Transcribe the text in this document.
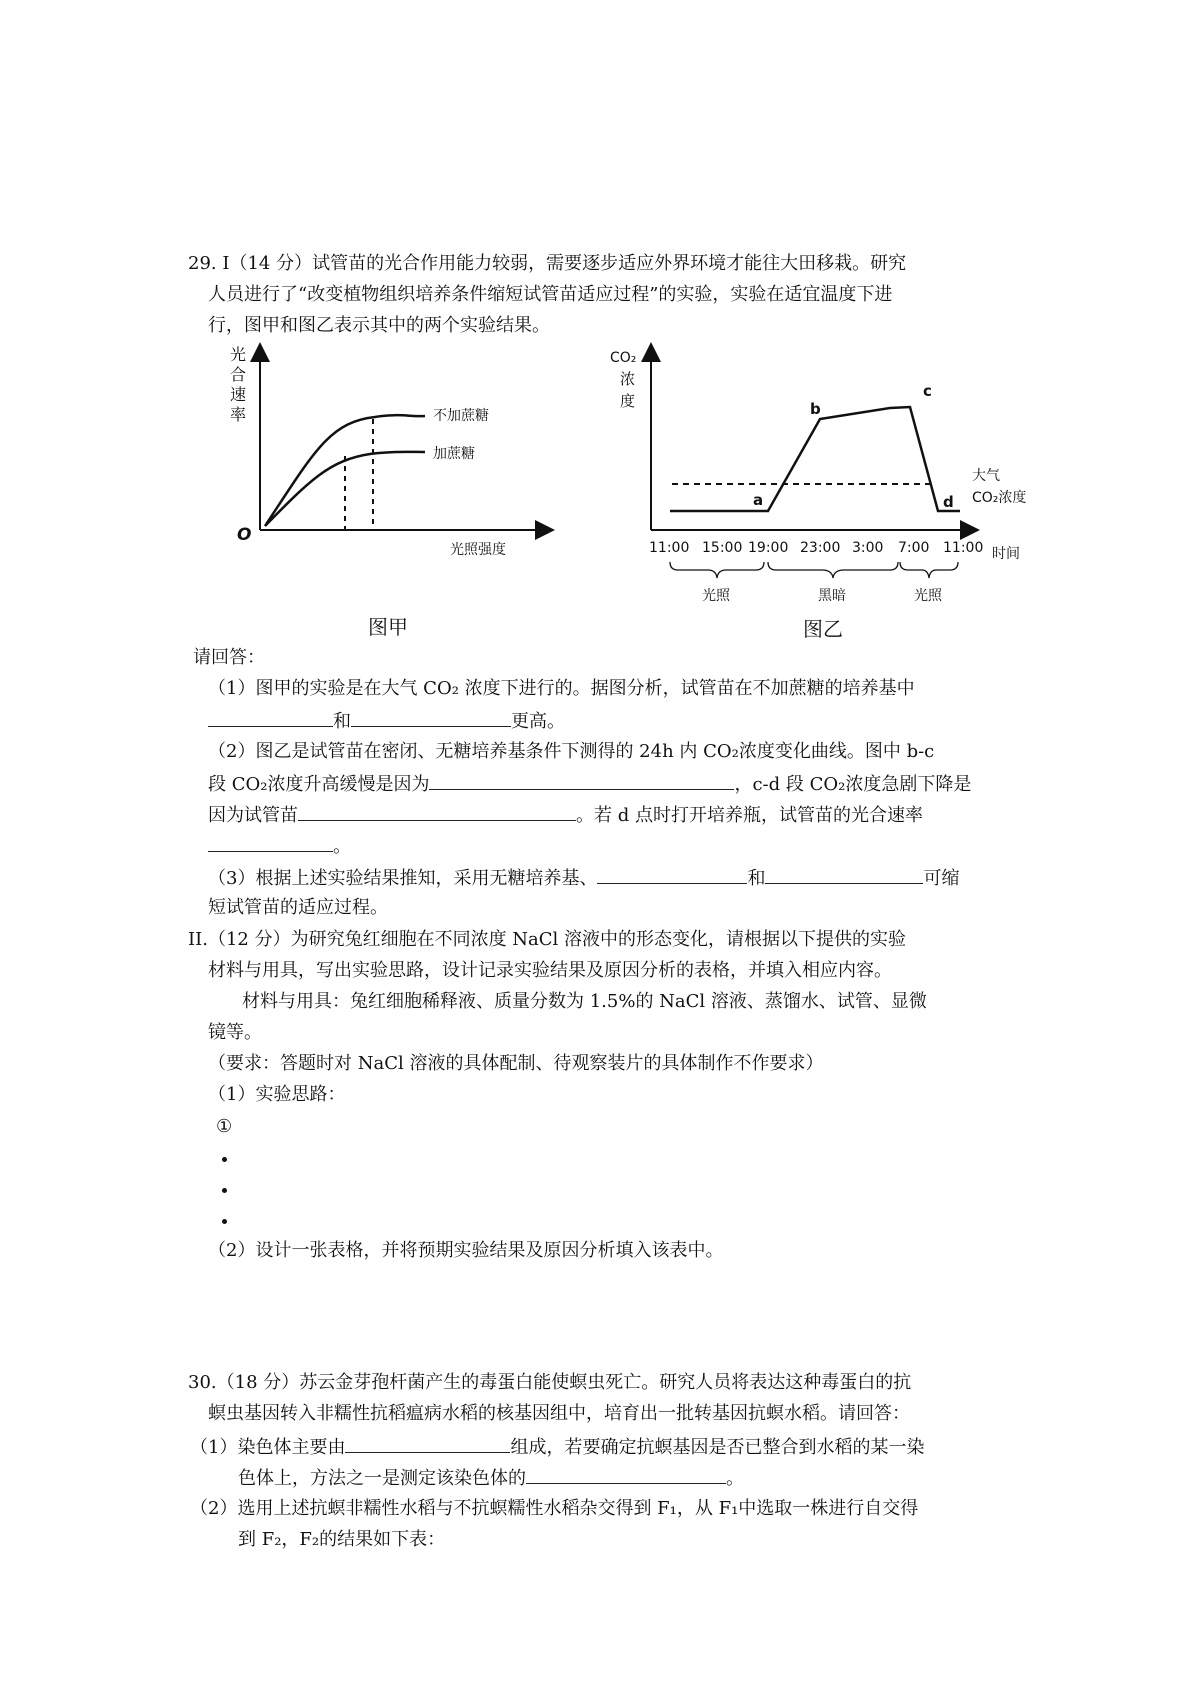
29. I（14 分）试管苗的光合作用能力较弱，需要逐步适应外界环境才能往大田移栽。研究
人员进行了“改变植物组织培养条件缩短试管苗适应过程”的实验，实验在适宜温度下进
行，图甲和图乙表示其中的两个实验结果。
光
合
速
率
O
光照强度
不加蔗糖
加蔗糖
图甲
a
b
c
d
CO₂
浓
度
大气
CO₂浓度
11:00 15:00 19:00 23:00 3:00 7:00 11:00 时间
光照	黑暗	光照
图乙
请回答：
（1）图甲的实验是在大气 CO₂ 浓度下进行的。据图分析，试管苗在不加蔗糖的培养基中
和	更高。
（2）图乙是试管苗在密闭、无糖培养基条件下测得的 24h 内 CO₂浓度变化曲线。图中 b-c
段 CO₂浓度升高缓慢是因为	，c-d 段 CO₂浓度急剧下降是
因为试管苗	。若 d 点时打开培养瓶，试管苗的光合速率
。
（3）根据上述实验结果推知，采用无糖培养基、	和	可缩
短试管苗的适应过程。
II.（12 分）为研究兔红细胞在不同浓度 NaCl 溶液中的形态变化，请根据以下提供的实验
材料与用具，写出实验思路，设计记录实验结果及原因分析的表格，并填入相应内容。
材料与用具：兔红细胞稀释液、质量分数为 1.5%的 NaCl 溶液、蒸馏水、试管、显微
镜等。
（要求：答题时对 NaCl 溶液的具体配制、待观察装片的具体制作不作要求）
（1）实验思路：
①
（2）设计一张表格，并将预期实验结果及原因分析填入该表中。
30.（18 分）苏云金芽孢杆菌产生的毒蛋白能使螟虫死亡。研究人员将表达这种毒蛋白的抗
螟虫基因转入非糯性抗稻瘟病水稻的核基因组中，培育出一批转基因抗螟水稻。请回答：
（1）染色体主要由	组成，若要确定抗螟基因是否已整合到水稻的某一染
色体上，方法之一是测定该染色体的	。
（2）选用上述抗螟非糯性水稻与不抗螟糯性水稻杂交得到 F₁，从 F₁中选取一株进行自交得
到 F₂，F₂的结果如下表：
